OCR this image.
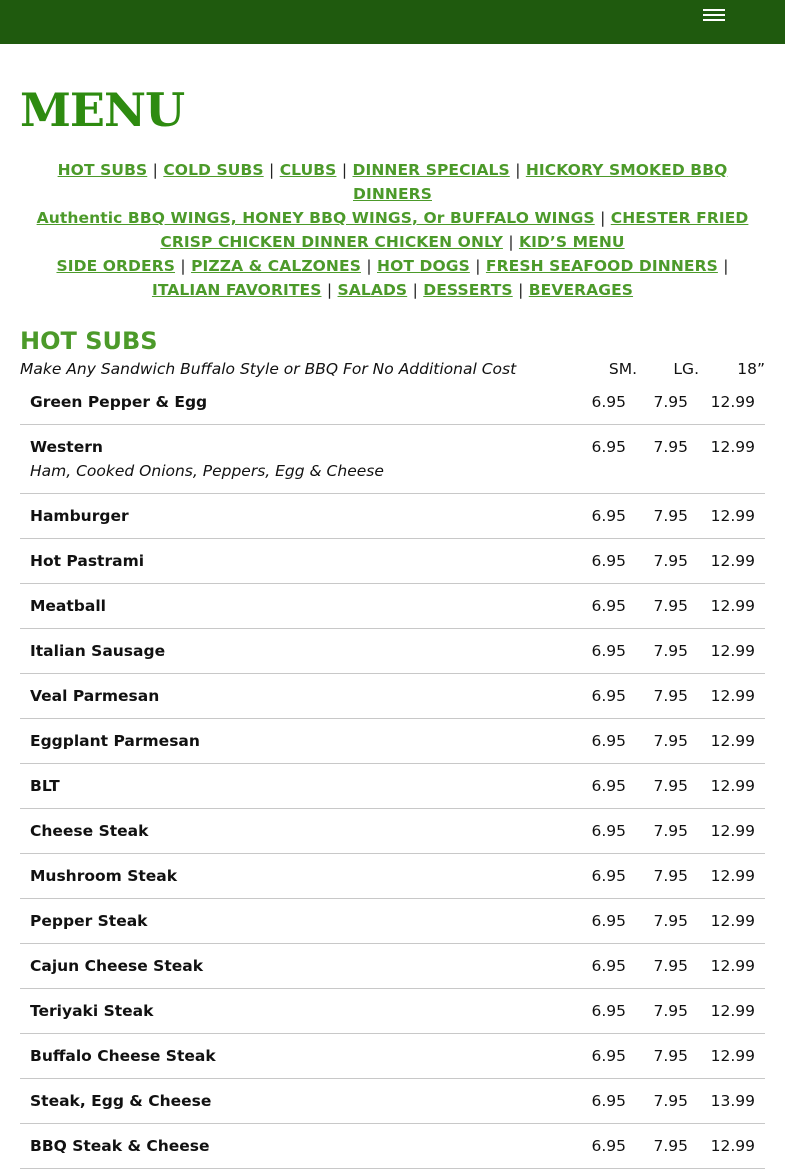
MENU
HOT SUBS | COLD SUBS | CLUBS | DINNER SPECIALS | HICKORY SMOKED BBQ DINNERS
Authentic BBQ WINGS, HONEY BBQ WINGS, Or BUFFALO WINGS | CHESTER FRIED CRISP CHICKEN DINNER CHICKEN ONLY | KID’S MENU
SIDE ORDERS | PIZZA & CALZONES | HOT DOGS | FRESH SEAFOOD DINNERS | ITALIAN FAVORITES | SALADS | DESSERTS | BEVERAGES
HOT SUBS
Make Any Sandwich Buffalo Style or BBQ For No Additional Cost	SM.	LG.	18”
Green Pepper & Egg	6.95	7.95	12.99
Western	6.95	7.95	12.99
Ham, Cooked Onions, Peppers, Egg & Cheese
Hamburger	6.95	7.95	12.99
Hot Pastrami	6.95	7.95	12.99
Meatball	6.95	7.95	12.99
Italian Sausage	6.95	7.95	12.99
Veal Parmesan	6.95	7.95	12.99
Eggplant Parmesan	6.95	7.95	12.99
BLT	6.95	7.95	12.99
Cheese Steak	6.95	7.95	12.99
Mushroom Steak	6.95	7.95	12.99
Pepper Steak	6.95	7.95	12.99
Cajun Cheese Steak	6.95	7.95	12.99
Teriyaki Steak	6.95	7.95	12.99
Buffalo Cheese Steak	6.95	7.95	12.99
Steak, Egg & Cheese	6.95	7.95	13.99
BBQ Steak & Cheese	6.95	7.95	12.99
